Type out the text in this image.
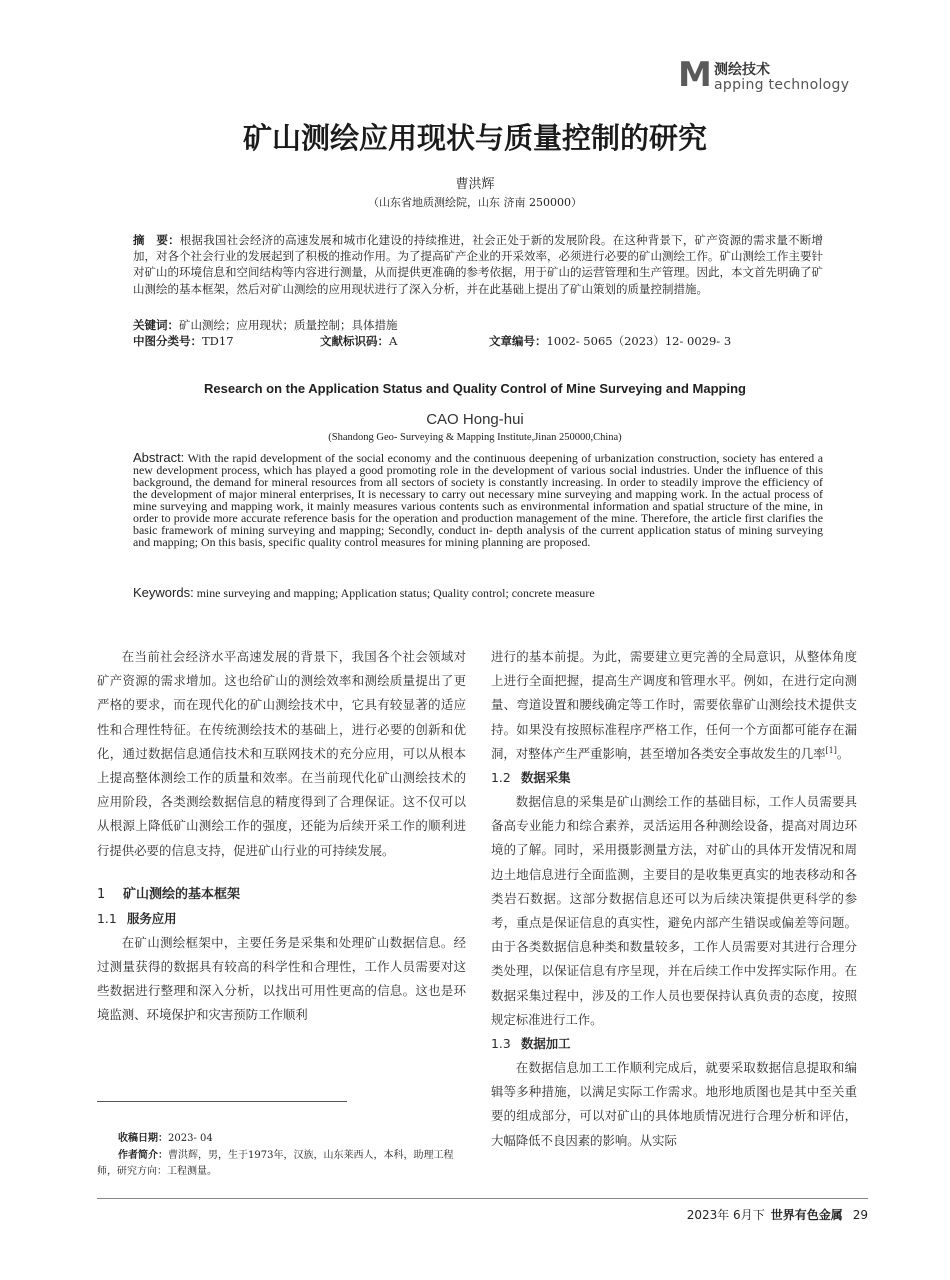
M 测绘技术
apping technology
矿山测绘应用现状与质量控制的研究
曹洪辉
（山东省地质测绘院，山东 济南 250000）
摘　要：根据我国社会经济的高速发展和城市化建设的持续推进，社会正处于新的发展阶段。在这种背景下，矿产资源的需求量不断增加，对各个社会行业的发展起到了积极的推动作用。为了提高矿产企业的开采效率，必须进行必要的矿山测绘工作。矿山测绘工作主要针对矿山的环境信息和空间结构等内容进行测量，从而提供更准确的参考依据，用于矿山的运营管理和生产管理。因此，本文首先明确了矿山测绘的基本框架，然后对矿山测绘的应用现状进行了深入分析，并在此基础上提出了矿山策划的质量控制措施。
关键词：矿山测绘；应用现状；质量控制；具体措施
中图分类号：TD17	文献标识码：A	文章编号：1002- 5065（2023）12- 0029- 3
Research on the Application Status and Quality Control of Mine Surveying and Mapping
CAO Hong-hui
(Shandong Geo- Surveying & Mapping Institute,Jinan 250000,China)
Abstract: With the rapid development of the social economy and the continuous deepening of urbanization construction, society has entered a new development process, which has played a good promoting role in the development of various social industries. Under the influence of this background, the demand for mineral resources from all sectors of society is constantly increasing. In order to steadily improve the efficiency of the development of major mineral enterprises, It is necessary to carry out necessary mine surveying and mapping work. In the actual process of mine surveying and mapping work, it mainly measures various contents such as environmental information and spatial structure of the mine, in order to provide more accurate reference basis for the operation and production management of the mine. Therefore, the article first clarifies the basic framework of mining surveying and mapping; Secondly, conduct in- depth analysis of the current application status of mining surveying and mapping; On this basis, specific quality control measures for mining planning are proposed.
Keywords: mine surveying and mapping; Application status; Quality control; concrete measure

在当前社会经济水平高速发展的背景下，我国各个社会领域对矿产资源的需求增加。这也给矿山的测绘效率和测绘质量提出了更严格的要求，而在现代化的矿山测绘技术中，它具有较显著的适应性和合理性特征。在传统测绘技术的基础上，进行必要的创新和优化，通过数据信息通信技术和互联网技术的充分应用，可以从根本上提高整体测绘工作的质量和效率。在当前现代化矿山测绘技术的应用阶段，各类测绘数据信息的精度得到了合理保证。这不仅可以从根源上降低矿山测绘工作的强度，还能为后续开采工作的顺利进行提供必要的信息支持，促进矿山行业的可持续发展。

1 矿山测绘的基本框架
1.1 服务应用

在矿山测绘框架中，主要任务是采集和处理矿山数据信息。经过测量获得的数据具有较高的科学性和合理性，工作人员需要对这些数据进行整理和深入分析，以找出可用性更高的信息。这也是环境监测、环境保护和灾害预防工作顺利

进行的基本前提。为此，需要建立更完善的全局意识，从整体角度上进行全面把握，提高生产调度和管理水平。例如，在进行定向测量、弯道设置和腰线确定等工作时，需要依靠矿山测绘技术提供支持。如果没有按照标准程序严格工作，任何一个方面都可能存在漏洞，对整体产生严重影响，甚至增加各类安全事故发生的几率[1]。

1.2 数据采集

数据信息的采集是矿山测绘工作的基础目标，工作人员需要具备高专业能力和综合素养，灵活运用各种测绘设备，提高对周边环境的了解。同时，采用摄影测量方法，对矿山的具体开发情况和周边土地信息进行全面监测，主要目的是收集更真实的地表移动和各类岩石数据。这部分数据信息还可以为后续决策提供更科学的参考，重点是保证信息的真实性，避免内部产生错误或偏差等问题。由于各类数据信息种类和数量较多，工作人员需要对其进行合理分类处理，以保证信息有序呈现，并在后续工作中发挥实际作用。在数据采集过程中，涉及的工作人员也要保持认真负责的态度，按照规定标准进行工作。

1.3 数据加工

在数据信息加工工作顺利完成后，就要采取数据信息提取和编辑等多种措施，以满足实际工作需求。地形地质图也是其中至关重要的组成部分，可以对矿山的具体地质情况进行合理分析和评估，大幅降低不良因素的影响。从实际

收稿日期：2023- 04
作者简介：曹洪辉，男，生于1973年，汉族，山东莱西人，本科，助理工程师，研究方向：工程测量。
2023年 6月下 世界有色金属 29
